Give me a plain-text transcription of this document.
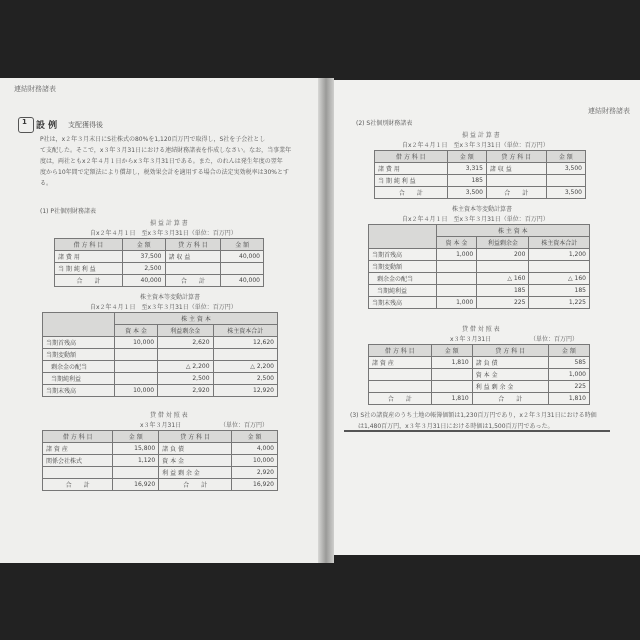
連結財務諸表
1 設 例 支配獲得後
P社は，x２年３月末日にS社株式の80%を1,120百万円で取得し，S社を子会社とし
て支配した。そこで，x３年３月31日における連結財務諸表を作成しなさい。なお，当事業年
度は，両社ともx２年４月１日からx３年３月31日である。また，のれんは発生年度の翌年
度から10年間で定額法により償却し，税効果会計を適用する場合の法定実効税率は30%とす
る。
(1) P社個別財務諸表
損 益 計 算 書
自x２年４月１日　至x３年３月31日（単位：百万円）
借 方 科 目	金 額	貸 方 科 目	金 額
諸 費 用	37,500	諸 収 益	40,000
当 期 純 利 益	2,500		
合　　計	40,000	合　　計	40,000
株主資本等変動計算書
自x２年４月１日　至x３年３月31日（単位：百万円）
	株 主 資 本		
	資 本 金	利益剰余金	株主資本合計
当期首残高	10,000	2,620	12,620
当期変動額			
剰余金の配当		△ 2,200	△ 2,200
当期純利益		2,500	2,500
当期末残高	10,000	2,920	12,920
貸 借 対 照 表
x３年３月31日	（単位：百万円）
借 方 科 目	金 額	貸 方 科 目	金 額
諸 資 産	15,800	諸 負 債	4,000
関係会社株式	1,120	資 本 金	10,000
		利 益 剰 余 金	2,920
合　　計	16,920	合　　計	16,920
連結財務諸表
(2) S社個別財務諸表
損 益 計 算 書
自x２年４月１日　至x３年３月31日（単位：百万円）
借 方 科 目	金 額	貸 方 科 目	金 額
諸 費 用	3,315	諸 収 益	3,500
当 期 純 利 益	185		
合　　計	3,500	合　　計	3,500
株主資本等変動計算書
自x２年４月１日　至x３年３月31日（単位：百万円）
	株 主 資 本		
	資 本 金	利益剰余金	株主資本合計
当期首残高	1,000	200	1,200
当期変動額			
剰余金の配当		△ 160	△ 160
当期純利益		185	185
当期末残高	1,000	225	1,225
貸 借 対 照 表
x３年３月31日	（単位：百万円）
借 方 科 目	金 額	貸 方 科 目	金 額
諸 資 産	1,810	諸 負 債	585
		資 本 金	1,000
		利 益 剰 余 金	225
合　　計	1,810	合　　計	1,810
(3) S社の諸資産のうち土地の帳簿価額は1,230百万円であり，x２年３月31日における時価
は1,480百万円，x３年３月31日における時価は1,500百万円であった。
